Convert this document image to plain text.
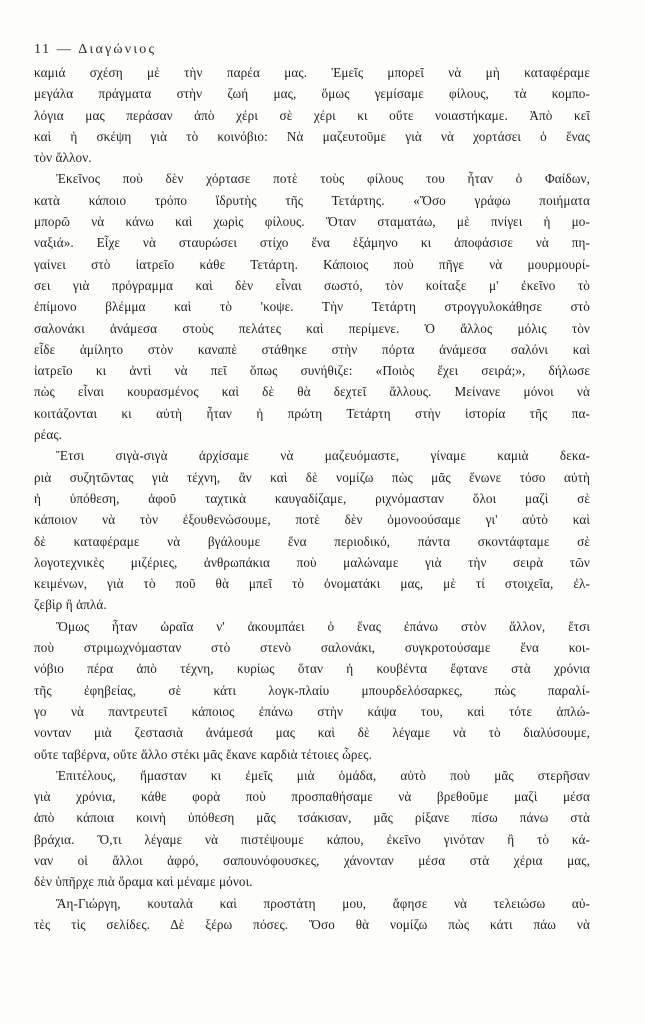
11 — Διαγώνιος
καμιά σχέση μὲ τὴν παρέα μας. Ἐμεῖς μπορεῖ νὰ μὴ καταφέραμε
μεγάλα πράγματα στὴν ζωή μας, ὅμως γεμίσαμε φίλους, τὰ κομπο-
λόγια μας περάσαν ἀπὸ χέρι σὲ χέρι κι οὔτε νοιαστήκαμε. Ἀπὸ κεῖ
καὶ ἡ σκέψη γιὰ τὸ κοινόβιο: Νὰ μαζευτοῦμε γιὰ νὰ χορτάσει ὁ ἕνας
τὸν ἄλλον.
Ἐκεῖνος ποὺ δὲν χόρτασε ποτὲ τοὺς φίλους του ἦταν ὁ Φαίδων,
κατὰ κάποιο τρόπο ἵδρυτὴς τῆς Τετάρτης. «Ὅσο γράφω ποιήματα
μπορῶ νὰ κάνω καὶ χωρὶς φίλους. Ὅταν σταματάω, μὲ πνίγει ἡ μο-
ναξιά». Εἶχε νὰ σταυρώσει στίχο ἕνα ἑξάμηνο κι ἀποφάσισε νὰ πη-
γαίνει στὸ ἰατρεῖο κάθε Τετάρτη. Κάποιος ποὺ πῆγε νὰ μουρμουρί-
σει γιὰ πρόγραμμα καὶ δὲν εἶναι σωστό, τὸν κοίταξε μ' ἐκεῖνο τὸ
ἐπίμονο βλέμμα καὶ τὸ 'κοψε. Τὴν Τετάρτη στρογγυλοκάθησε στὸ
σαλονάκι ἀνάμεσα στοὺς πελάτες καὶ περίμενε. Ὁ ἄλλος μόλις τὸν
εἶδε ἀμίλητο στὸν καναπὲ στάθηκε στὴν πόρτα ἀνάμεσα σαλόνι καὶ
ἰατρεῖο κι ἀντὶ νὰ πεῖ ὅπως συνήθιζε: «Ποιὸς ἔχει σειρά;», δήλωσε
πὼς εἶναι κουρασμένος καὶ δὲ θὰ δεχτεῖ ἄλλους. Μείνανε μόνοι νὰ
κοιτάζονται κι αὐτὴ ἦταν ἡ πρώτη Τετάρτη στὴν ἱστορία τῆς πα-
ρέας.
Ἔτσι σιγὰ-σιγὰ ἀρχίσαμε νὰ μαζευόμαστε, γίναμε καμιὰ δεκα-
ριὰ συζητῶντας γιὰ τέχνη, ἂν καὶ δὲ νομίζω πὼς μᾶς ἕνωνε τόσο αὐτὴ
ἡ ὑπόθεση, ἀφοῦ ταχτικὰ καυγαδίζαμε, ριχνόμασταν ὅλοι μαζὶ σὲ
κάποιον νὰ τὸν ἐξουθενώσουμε, ποτὲ δὲν ὁμονοούσαμε γι' αὐτὸ καὶ
δὲ καταφέραμε νὰ βγάλουμε ἕνα περιοδικό, πάντα σκοντάφταμε σὲ
λογοτεχνικὲς μιζέριες, ἀνθρωπάκια ποὺ μαλώναμε γιὰ τὴν σειρὰ τῶν
κειμένων, γιὰ τὸ ποῦ θὰ μπεῖ τὸ ὀνοματάκι μας, μὲ τί στοιχεῖα, ἐλ-
ζεβὶρ ἢ ἁπλά.
Ὅμως ἦταν ὡραῖα ν' ἀκουμπάει ὁ ἕνας ἐπάνω στὸν ἄλλον, ἔτσι
ποὺ στριμωχνόμασταν στὸ στενὸ σαλονάκι, συγκροτούσαμε ἕνα κοι-
νόβιο πέρα ἀπὸ τέχνη, κυρίως ὅταν ἡ κουβέντα ἔφτανε στὰ χρόνια
τῆς ἐφηβείας, σὲ κάτι λογκ-πλαίυ μπουρδελόσαρκες, πὼς παραλί-
γο νὰ παντρευτεῖ κάποιος ἐπάνω στὴν κάψα του, καὶ τότε ἁπλώ-
νονταν μιὰ ζεστασιὰ ἀνάμεσά μας καὶ δὲ λέγαμε νὰ τὸ διαλύσουμε,
οὔτε ταβέρνα, οὔτε ἄλλο στέκι μᾶς ἔκανε καρδιὰ τέτοιες ὧρες.
Ἐπιτέλους, ἤμασταν κι ἐμεῖς μιὰ ὁμάδα, αὐτὸ ποὺ μᾶς στερῆσαν
γιὰ χρόνια, κάθε φορὰ ποὺ προσπαθήσαμε νὰ βρεθοῦμε μαζὶ μέσα
ἀπὸ κάποια κοινὴ ὑπόθεση μᾶς τσάκισαν, μᾶς ρίξανε πίσω πάνω στὰ
βράχια. Ὅ,τι λέγαμε νὰ πιστέψουμε κάπου, ἐκεῖνο γινόταν ἢ τὸ κά-
ναν οἱ ἄλλοι ἀφρό, σαπουνόφουσκες, χάνονταν μέσα στὰ χέρια μας,
δὲν ὑπῆρχε πιὰ ὅραμα καὶ μέναμε μόνοι.
Ἅη-Γιώργη, κουταλὰ καὶ προστάτη μου, ἄφησε νὰ τελειώσω αὐ-
τὲς τὶς σελίδες. Δὲ ξέρω πόσες. Ὅσο θὰ νομίζω πὼς κάτι πάω νὰ
